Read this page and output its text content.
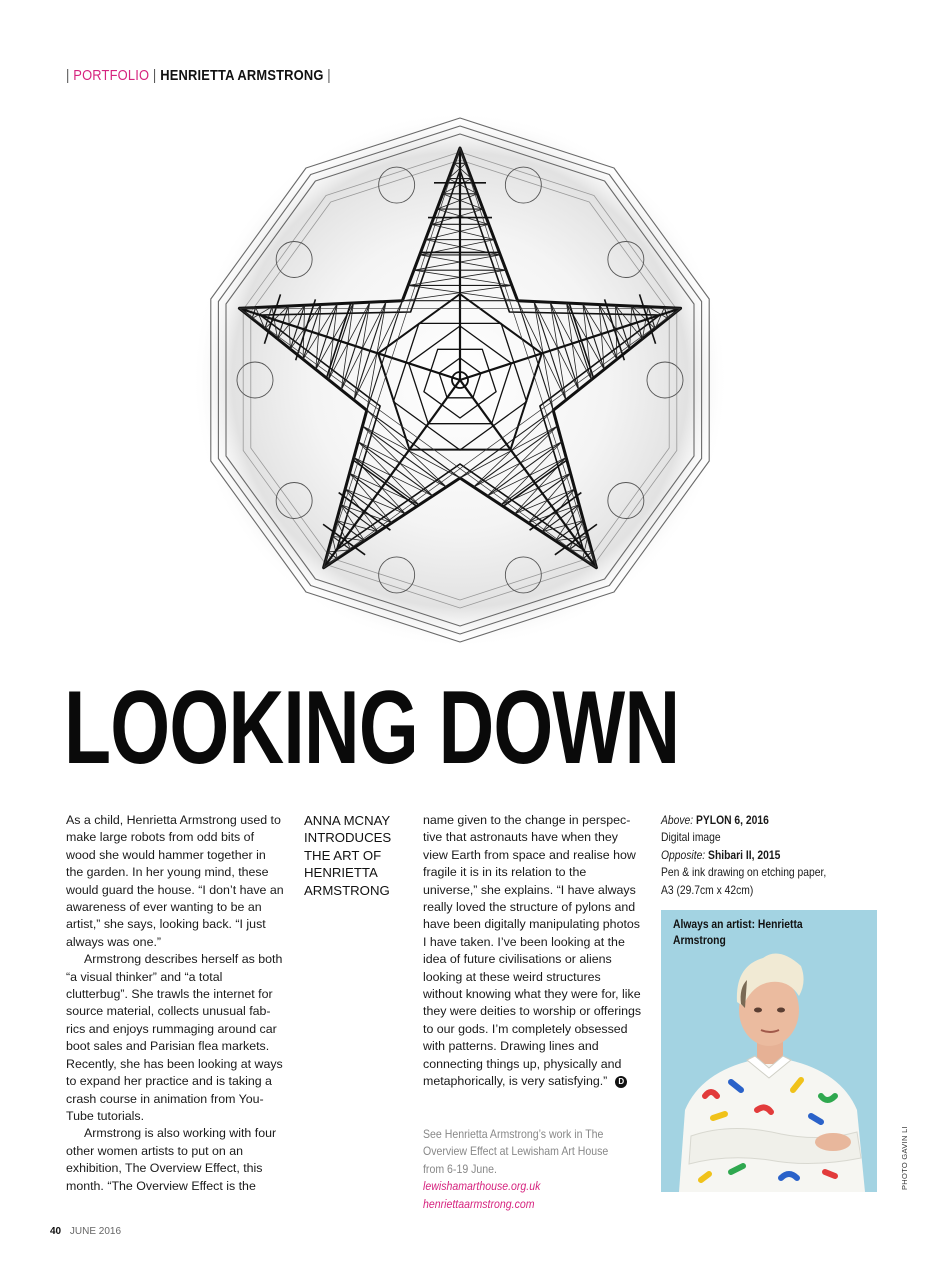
| PORTFOLIO | HENRIETTA ARMSTRONG |
LOOKING DOWN

As a child, Henrietta Armstrong used to make large robots from odd bits of wood she would hammer together in the garden. In her young mind, these would guard the house. “I don’t have an awareness of ever wanting to be an artist,” she says, looking back. “I just always was one.”

Armstrong describes herself as both “a visual thinker” and “a total clutterbug”. She trawls the internet for source material, collects unusual fab-rics and enjoys rummaging around car boot sales and Parisian flea markets. Recently, she has been looking at ways to expand her practice and is taking a crash course in animation from You-Tube tutorials.

Armstrong is also working with four other women artists to put on an exhibition, The Overview Effect, this month. “The Overview Effect is the

ANNA MCNAY INTRODUCES THE ART OF HENRIETTA ARMSTRONG

name given to the change in perspec-tive that astronauts have when they view Earth from space and realise how fragile it is in its relation to the universe,” she explains. “I have always really loved the structure of pylons and have been digitally manipulating photos I have taken. I’ve been looking at the idea of future civilisations or aliens looking at these weird structures without knowing what they were for, like they were deities to worship or offerings to our gods. I’m completely obsessed with patterns. Drawing lines and connecting things up, physically and metaphorically, is very satisfying.” D

See Henrietta Armstrong’s work in The Overview Effect at Lewisham Art House from 6-19 June.
lewishamarthouse.org.uk
henriettaarmstrong.com
Above: PYLON 6, 2016
Digital image
Opposite: Shibari II, 2015
Pen & ink drawing on etching paper, A3 (29.7cm x 42cm)
Always an artist: Henrietta Armstrong
PHOTO GAVIN LI
40 JUNE 2016
